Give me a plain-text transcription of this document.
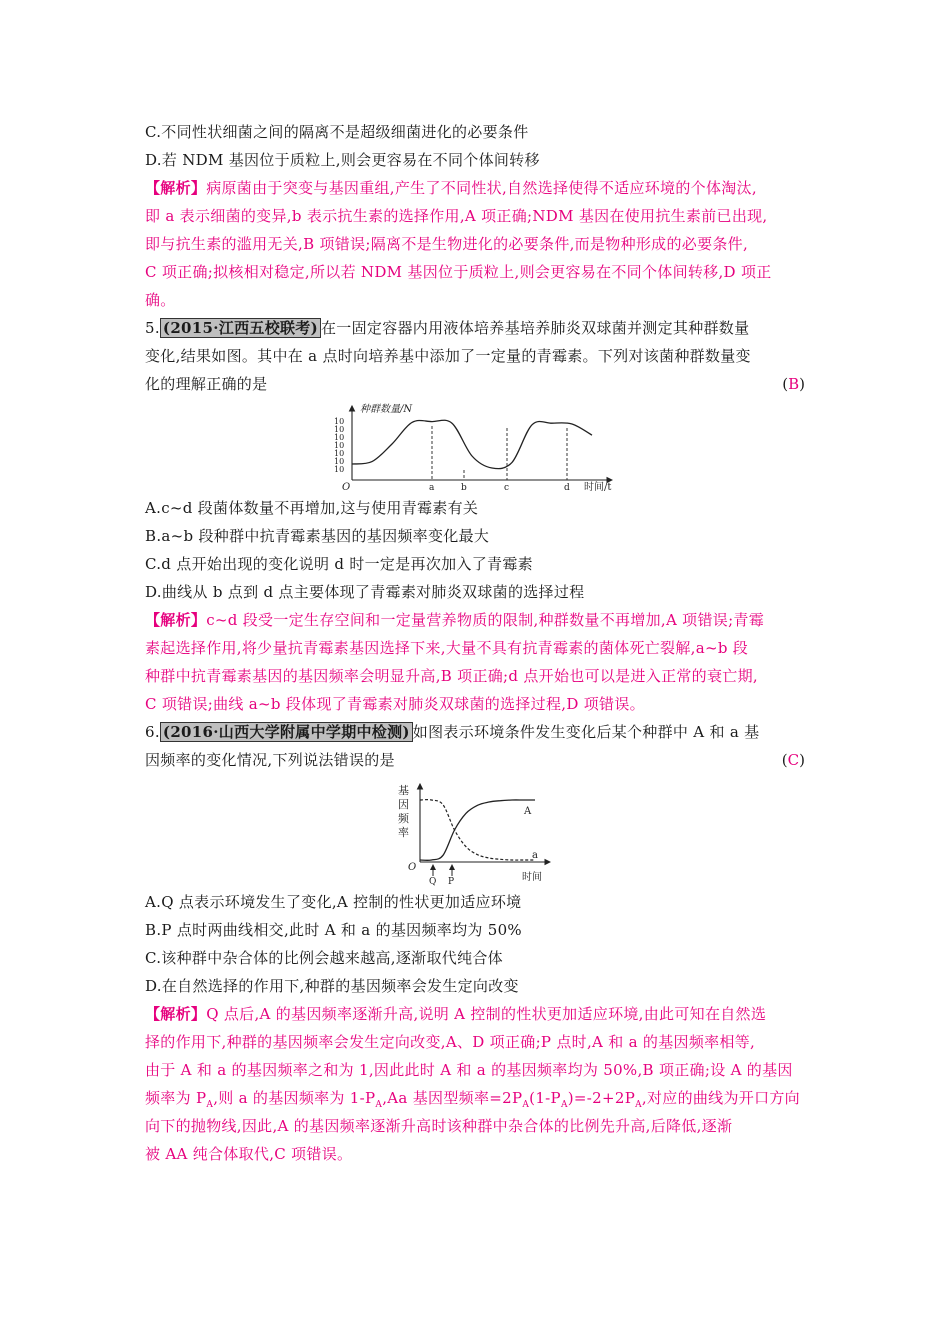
C.不同性状细菌之间的隔离不是超级细菌进化的必要条件
D.若 NDM 基因位于质粒上,则会更容易在不同个体间转移
【解析】病原菌由于突变与基因重组,产生了不同性状,自然选择使得不适应环境的个体淘汰,
即 a 表示细菌的变异,b 表示抗生素的选择作用,A 项正确;NDM 基因在使用抗生素前已出现,
即与抗生素的滥用无关,B 项错误;隔离不是生物进化的必要条件,而是物种形成的必要条件,
C 项正确;拟核相对稳定,所以若 NDM 基因位于质粒上,则会更容易在不同个体间转移,D 项正
确。
5. (2015·江西五校联考) 在一固定容器内用液体培养基培养肺炎双球菌并测定其种群数量
变化,结果如图。其中在 a 点时向培养基中添加了一定量的青霉素。下列对该菌种群数量变
化的理解正确的是	(B)
种群数量/N
时间/t
O
10
10
10
10
10
10
10
a	b	c	d
A.c~d 段菌体数量不再增加,这与使用青霉素有关
B.a~b 段种群中抗青霉素基因的基因频率变化最大
C.d 点开始出现的变化说明 d 时一定是再次加入了青霉素
D.曲线从 b 点到 d 点主要体现了青霉素对肺炎双球菌的选择过程
【解析】c~d 段受一定生存空间和一定量营养物质的限制,种群数量不再增加,A 项错误;青霉
素起选择作用,将少量抗青霉素基因选择下来,大量不具有抗青霉素的菌体死亡裂解,a~b 段
种群中抗青霉素基因的基因频率会明显升高,B 项正确;d 点开始也可以是进入正常的衰亡期,
C 项错误;曲线 a~b 段体现了青霉素对肺炎双球菌的选择过程,D 项错误。
6. (2016·山西大学附属中学期中检测) 如图表示环境条件发生变化后某个种群中 A 和 a 基
因频率的变化情况,下列说法错误的是	(C)
基
因
频
率
O
时间
Q P
A
a
A.Q 点表示环境发生了变化,A 控制的性状更加适应环境
B.P 点时两曲线相交,此时 A 和 a 的基因频率均为 50%
C.该种群中杂合体的比例会越来越高,逐渐取代纯合体
D.在自然选择的作用下,种群的基因频率会发生定向改变
【解析】Q 点后,A 的基因频率逐渐升高,说明 A 控制的性状更加适应环境,由此可知在自然选
择的作用下,种群的基因频率会发生定向改变,A、D 项正确;P 点时,A 和 a 的基因频率相等,
由于 A 和 a 的基因频率之和为 1,因此此时 A 和 a 的基因频率均为 50%,B 项正确;设 A 的基因
频率为 $P_A$,则 a 的基因频率为 $1-P_A,Aa$ 基因型频率$=2P_A(1-P_A)=-2+2P_A$,对应的曲线为开口方向
向下的抛物线,因此,A 的基因频率逐渐升高时该种群中杂合体的比例先升高,后降低,逐渐
被 AA 纯合体取代,C 项错误。
